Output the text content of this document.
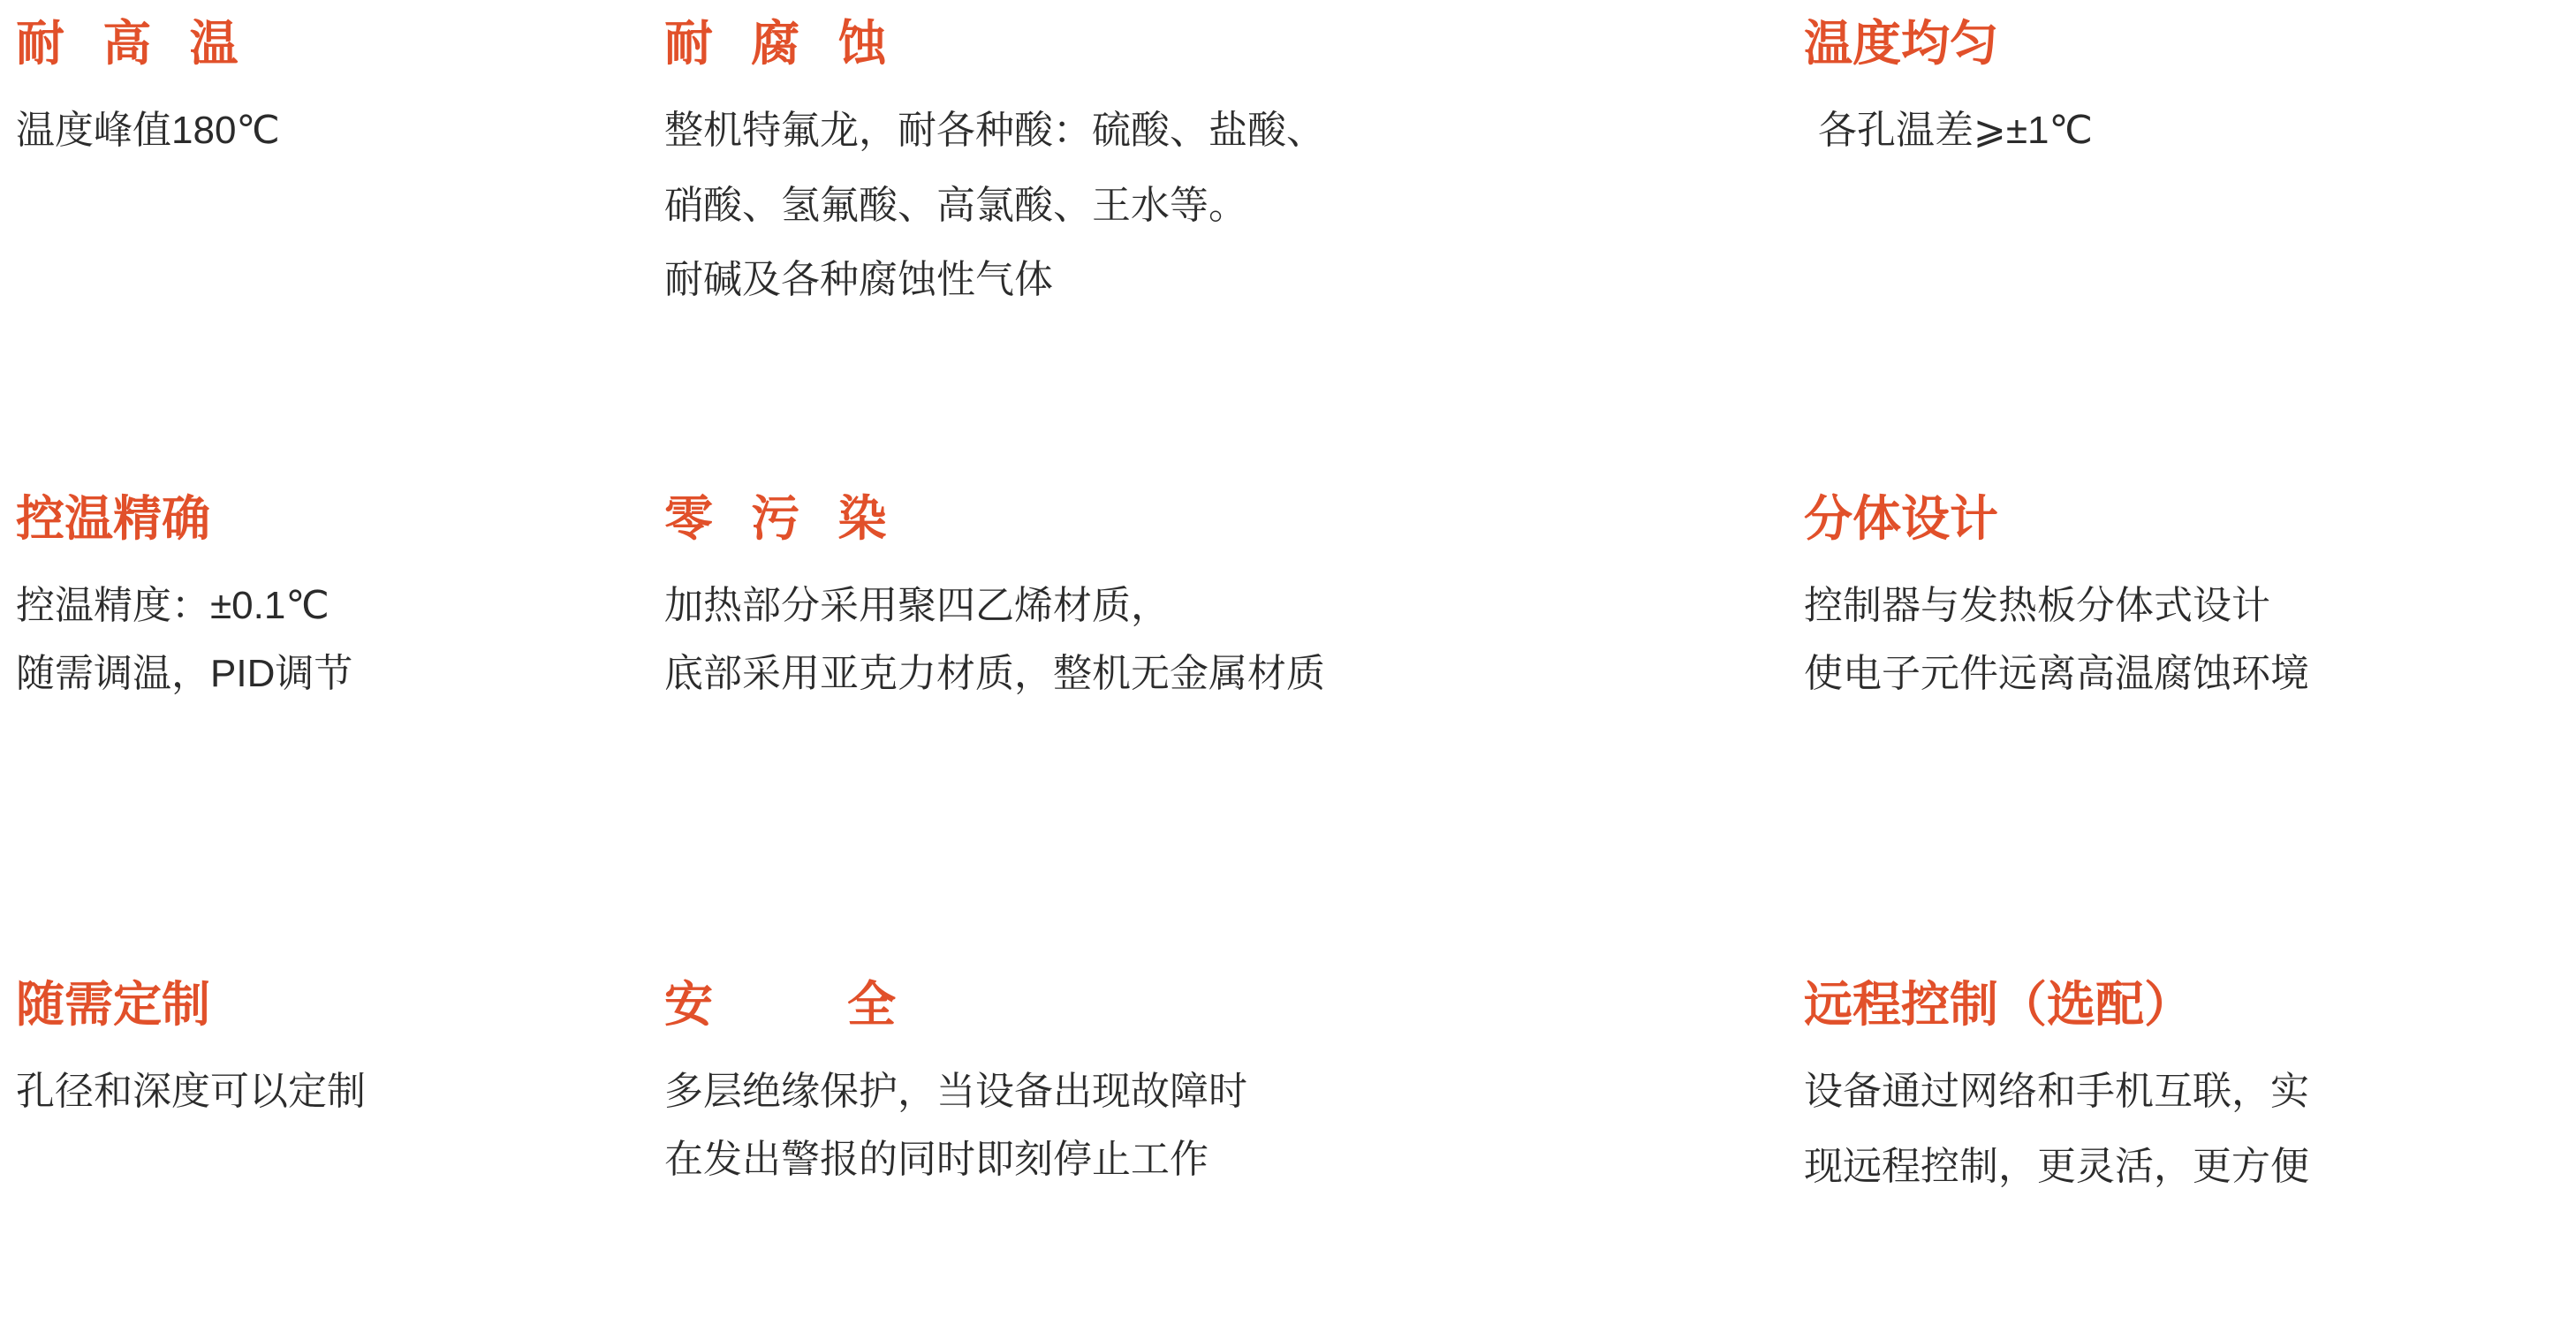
耐 高 温

温度峰值180℃

耐 腐 蚀

整机特氟龙，耐各种酸：硫酸、盐酸、

硝酸、氢氟酸、高氯酸、王水等。

耐碱及各种腐蚀性气体

温度均匀

各孔温差⩾±1℃

控温精确

控温精度：±0.1℃

随需调温，PID调节

零 污 染

加热部分采用聚四乙烯材质，

底部采用亚克力材质，整机无金属材质

分体设计

控制器与发热板分体式设计

使电子元件远离高温腐蚀环境

随需定制

孔径和深度可以定制

安　　全

多层绝缘保护，当设备出现故障时

在发出警报的同时即刻停止工作

远程控制（选配）

设备通过网络和手机互联，实

现远程控制，更灵活，更方便
